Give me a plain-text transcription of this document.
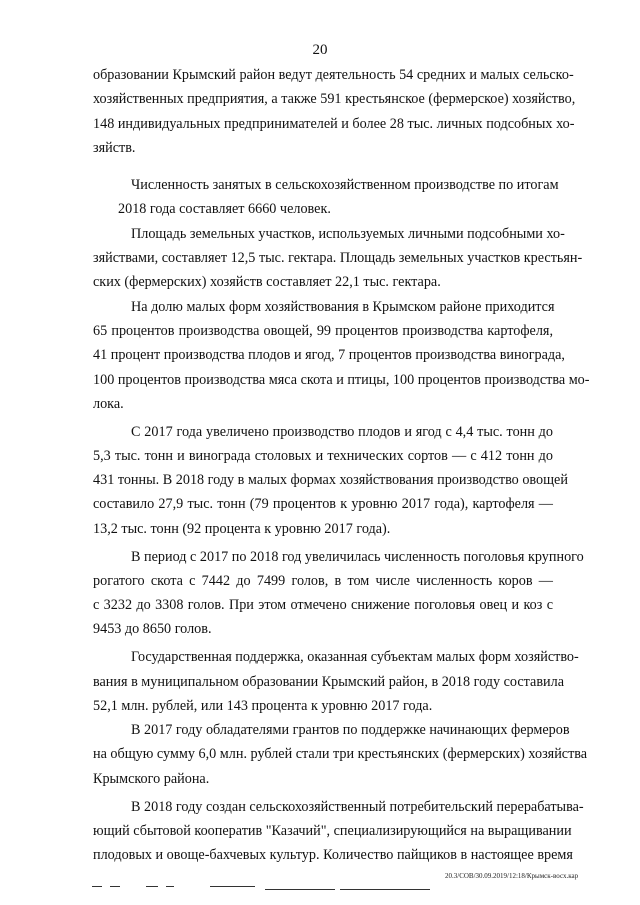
20
образовании Крымский район ведут деятельность 54 средних и малых сельско-
хозяйственных предприятия, а также 591 крестьянское (фермерское) хозяйство,
148 индивидуальных предпринимателей и более 28 тыс. личных подсобных хо-
зяйств.
Численность занятых в сельскохозяйственном производстве по итогам
2018 года составляет 6660 человек.
Площадь земельных участков, используемых личными подсобными хо-
зяйствами, составляет 12,5 тыс. гектара. Площадь земельных участков крестьян-
ских (фермерских) хозяйств составляет 22,1 тыс. гектара.
На долю малых форм хозяйствования в Крымском районе приходится
65 процентов производства овощей, 99 процентов производства картофеля,
41 процент производства плодов и ягод, 7 процентов производства винограда,
100 процентов производства мяса скота и птицы, 100 процентов производства мо-
лока.
С 2017 года увеличено производство плодов и ягод с 4,4 тыс. тонн до
5,3 тыс. тонн и винограда столовых и технических сортов — с 412 тонн до
431 тонны. В 2018 году в малых формах хозяйствования производство овощей
составило 27,9 тыс. тонн (79 процентов к уровню 2017 года), картофеля —
13,2 тыс. тонн (92 процента к уровню 2017 года).
В период с 2017 по 2018 год увеличилась численность поголовья крупного
рогатого скота с 7442 до 7499 голов, в том числе численность коров —
с 3232 до 3308 голов. При этом отмечено снижение поголовья овец и коз с
9453 до 8650 голов.
Государственная поддержка, оказанная субъектам малых форм хозяйство-
вания в муниципальном образовании Крымский район, в 2018 году составила
52,1 млн. рублей, или 143 процента к уровню 2017 года.
В 2017 году обладателями грантов по поддержке начинающих фермеров
на общую сумму 6,0 млн. рублей стали три крестьянских (фермерских) хозяйства
Крымского района.
В 2018 году создан сельскохозяйственный потребительский перерабатыва-
ющий сбытовой кооператив "Казачий", специализирующийся на выращивании
плодовых и овоще-бахчевых культур. Количество пайщиков в настоящее время
20.3/СОВ/30.09.2019/12:18/Крымск-восх.кар
